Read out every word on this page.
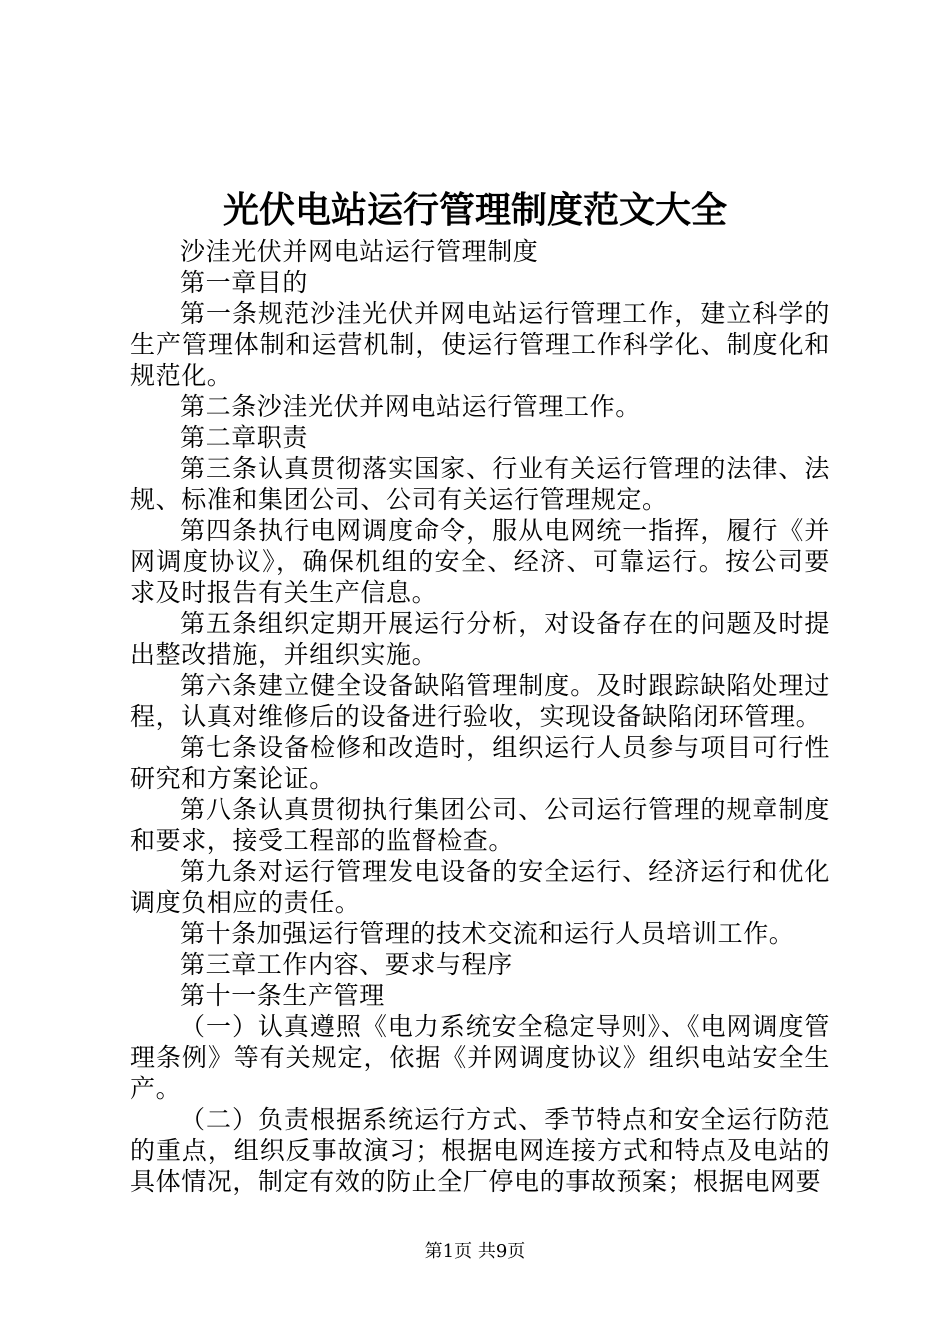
光伏电站运行管理制度范文大全

沙洼光伏并网电站运行管理制度

第一章目的

第一条规范沙洼光伏并网电站运行管理工作，建立科学的生产管理体制和运营机制，使运行管理工作科学化、制度化和规范化。

第二条沙洼光伏并网电站运行管理工作。

第二章职责

第三条认真贯彻落实国家、行业有关运行管理的法律、法规、标准和集团公司、公司有关运行管理规定。

第四条执行电网调度命令，服从电网统一指挥，履行《并网调度协议》，确保机组的安全、经济、可靠运行。按公司要求及时报告有关生产信息。

第五条组织定期开展运行分析，对设备存在的问题及时提出整改措施，并组织实施。

第六条建立健全设备缺陷管理制度。及时跟踪缺陷处理过程，认真对维修后的设备进行验收，实现设备缺陷闭环管理。

第七条设备检修和改造时，组织运行人员参与项目可行性研究和方案论证。

第八条认真贯彻执行集团公司、公司运行管理的规章制度和要求，接受工程部的监督检查。

第九条对运行管理发电设备的安全运行、经济运行和优化调度负相应的责任。

第十条加强运行管理的技术交流和运行人员培训工作。

第三章工作内容、要求与程序

第十一条生产管理

（一）认真遵照《电力系统安全稳定导则》、《电网调度管理条例》等有关规定，依据《并网调度协议》组织电站安全生产。

（二）负责根据系统运行方式、季节特点和安全运行防范的重点，组织反事故演习；根据电网连接方式和特点及电站的具体情况，制定有效的防止全厂停电的事故预案；根据电网要

第1页 共9页
